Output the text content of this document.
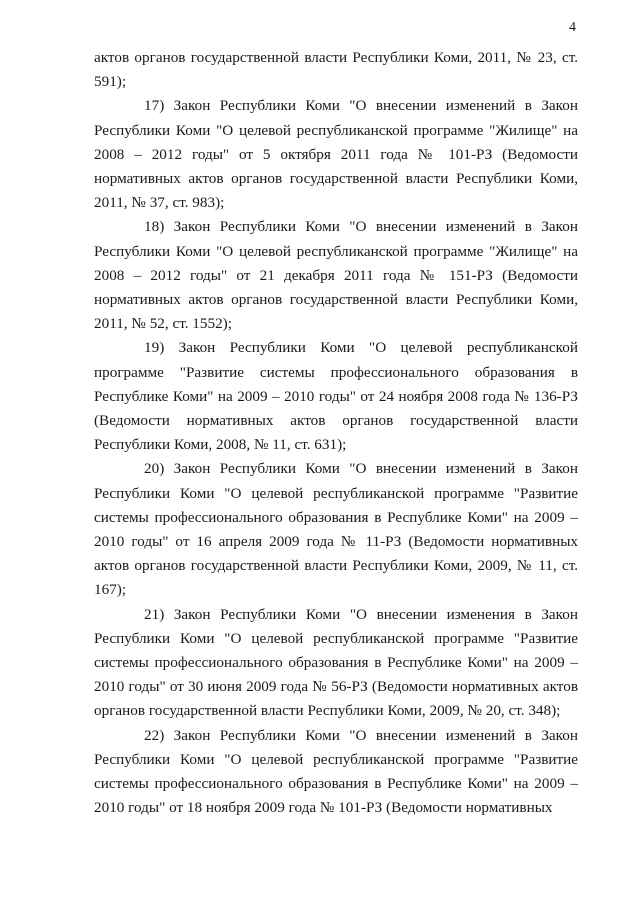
4

актов органов государственной власти Республики Коми, 2011, № 23, ст. 591);

17) Закон Республики Коми "О внесении изменений в Закон Республики Коми "О целевой республиканской программе "Жилище" на 2008 – 2012 годы" от 5 октября 2011 года № 101-РЗ (Ведомости нормативных актов органов государственной власти Республики Коми, 2011, № 37, ст. 983);

18) Закон Республики Коми "О внесении изменений в Закон Республики Коми "О целевой республиканской программе "Жилище" на 2008 – 2012 годы" от 21 декабря 2011 года № 151-РЗ (Ведомости нормативных актов органов государственной власти Республики Коми, 2011, № 52, ст. 1552);

19) Закон Республики Коми "О целевой республиканской программе "Развитие системы профессионального образования в Республике Коми" на 2009 – 2010 годы" от 24 ноября 2008 года № 136-РЗ (Ведомости нормативных актов органов государственной власти Республики Коми, 2008, № 11, ст. 631);

20) Закон Республики Коми "О внесении изменений в Закон Республики Коми "О целевой республиканской программе "Развитие системы профессионального образования в Республике Коми" на 2009 – 2010 годы" от 16 апреля 2009 года № 11-РЗ (Ведомости нормативных актов органов государственной власти Республики Коми, 2009, № 11, ст. 167);

21) Закон Республики Коми "О внесении изменения в Закон Республики Коми "О целевой республиканской программе "Развитие системы профессионального образования в Республике Коми" на 2009 – 2010 годы" от 30 июня 2009 года № 56-РЗ (Ведомости нормативных актов органов государственной власти Республики Коми, 2009, № 20, ст. 348);

22) Закон Республики Коми "О внесении изменений в Закон Республики Коми "О целевой республиканской программе "Развитие системы профессионального образования в Республике Коми" на 2009 – 2010 годы" от 18 ноября 2009 года № 101-РЗ (Ведомости нормативных
